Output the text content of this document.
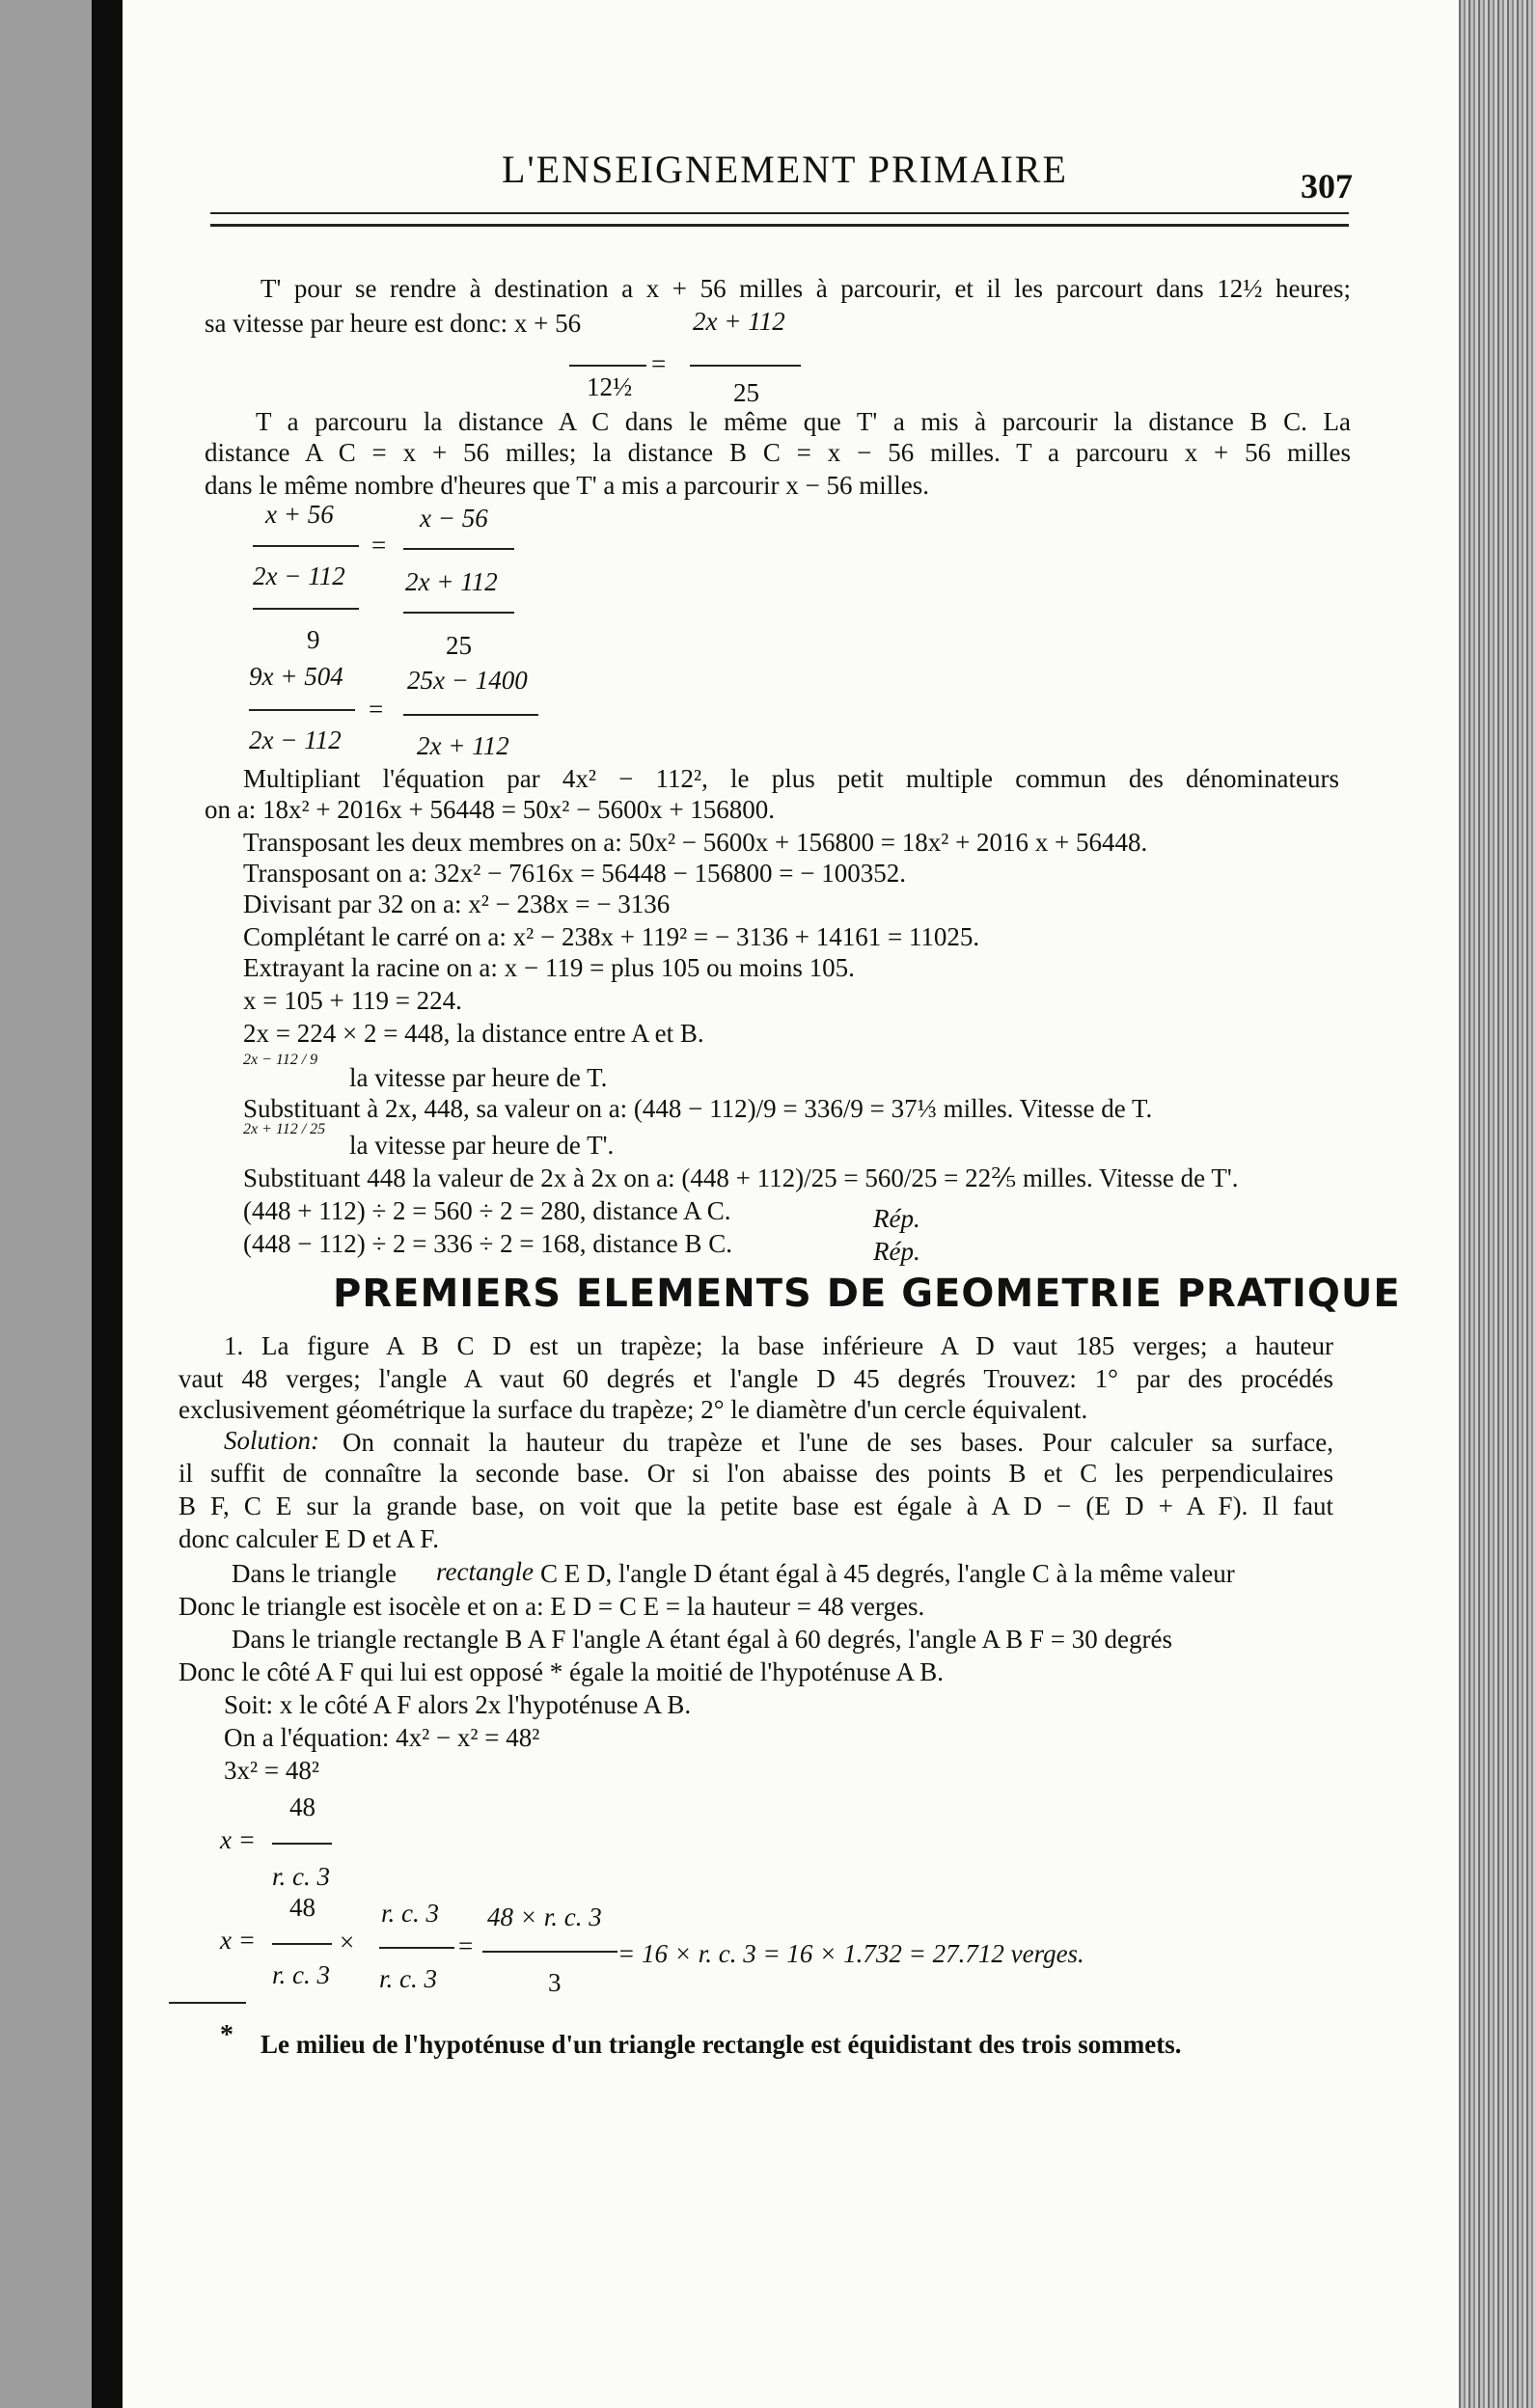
L'ENSEIGNEMENT PRIMAIRE	307
T' pour se rendre à destination a x + 56 milles à parcourir, et il les parcourt dans 12½ heures;
sa vitesse par heure est donc: x + 56	2x + 112
=
12½	25
T a parcouru la distance A C dans le même que T' a mis à parcourir la distance B C. La
distance A C = x + 56 milles; la distance B C = x − 56 milles. T a parcouru x + 56 milles
dans le même nombre d'heures que T' a mis a parcourir x − 56 milles.
x + 56	x − 56
=
2x − 112 2x + 112
9	25
9x + 504 25x − 1400
=
2x − 112	2x + 112
Multipliant l'équation par 4x² − 112², le plus petit multiple commun des dénominateurs
on a: 18x² + 2016x + 56448 = 50x² − 5600x + 156800.
Transposant les deux membres on a: 50x² − 5600x + 156800 = 18x² + 2016 x + 56448.
Transposant on a: 32x² − 7616x = 56448 − 156800 = − 100352.
Divisant par 32 on a: x² − 238x = − 3136
Complétant le carré on a: x² − 238x + 119² = − 3136 + 14161 = 11025.
Extrayant la racine on a: x − 119 = plus 105 ou moins 105.
x = 105 + 119 = 224.
2x = 224 × 2 = 448, la distance entre A et B.
2x − 112 / 9
la vitesse par heure de T.
Substituant à 2x, 448, sa valeur on a: (448 − 112)/9 = 336/9 = 37⅓ milles. Vitesse de T.
2x + 112 / 25
la vitesse par heure de T'.
Substituant 448 la valeur de 2x à 2x on a: (448 + 112)/25 = 560/25 = 22⅖ milles. Vitesse de T'.
(448 + 112) ÷ 2 = 560 ÷ 2 = 280, distance A C.	Rép.
(448 − 112) ÷ 2 = 336 ÷ 2 = 168, distance B C.	Rép.
PREMIERS ELEMENTS DE GEOMETRIE PRATIQUE
1. La figure A B C D est un trapèze; la base inférieure A D vaut 185 verges; a hauteur
vaut 48 verges; l'angle A vaut 60 degrés et l'angle D 45 degrés Trouvez: 1° par des procédés
exclusivement géométrique la surface du trapèze; 2° le diamètre d'un cercle équivalent.
Solution: On connait la hauteur du trapèze et l'une de ses bases. Pour calculer sa surface,
il suffit de connaître la seconde base. Or si l'on abaisse des points B et C les perpendiculaires
B F, C E sur la grande base, on voit que la petite base est égale à A D − (E D + A F). Il faut
donc calculer E D et A F.
Dans le triangle rectangle C E D, l'angle D étant égal à 45 degrés, l'angle C à la même valeur
Donc le triangle est isocèle et on a: E D = C E = la hauteur = 48 verges.
Dans le triangle rectangle B A F l'angle A étant égal à 60 degrés, l'angle A B F = 30 degrés
Donc le côté A F qui lui est opposé * égale la moitié de l'hypoténuse A B.
Soit: x le côté A F alors 2x l'hypoténuse A B.
On a l'équation: 4x² − x² = 48²
3x² = 48²
48
x =
r. c. 3
48	r. c. 3 48 × r. c. 3
x =	×	=	= 16 × r. c. 3 = 16 × 1.732 = 27.712 verges.
r. c. 3 r. c. 3	3
* Le milieu de l'hypoténuse d'un triangle rectangle est équidistant des trois sommets.
